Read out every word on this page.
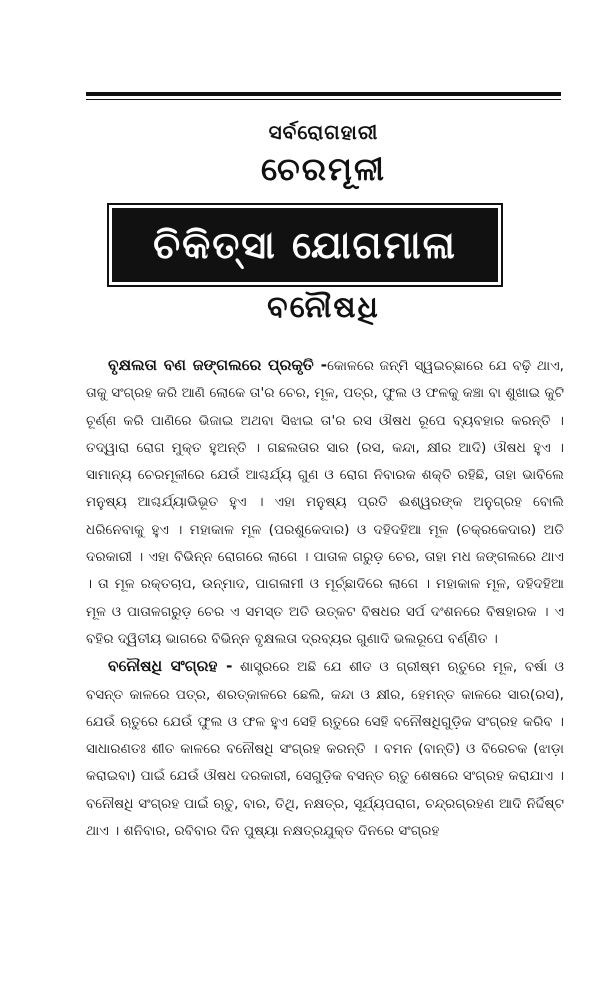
ସର୍ବରୋଗହାରୀ
ଚେରମୂଳୀ
ଚିକିତ୍ସା ଯୋଗମାଳା
ବନୌଷଧି

ବୃକ୍ଷଲତା ବଣ ଜଙ୍ଗଲରେ ପ୍ରକୃତି -କୋଳରେ ଜନ୍ମି ସ୍ୱଇଚ୍ଛାରେ ଯେ ବଢ଼ି ଥାଏ, ତାକୁ ସଂଗ୍ରହ କରି ଆଣି ଲୋକେ ତା'ର ଚେର, ମୂଳ, ପତ୍ର, ଫୁଲ ଓ ଫଳକୁ କଞ୍ଚା ବା ଶୁଖାଇ କୁଟି ଚୂର୍ଣ୍ଣ କରି ପାଣିରେ ଭିଜାଇ ଅଥବା ସିଝାଇ ତା'ର ରସ ଔଷଧ ରୂପେ ବ୍ୟବହାର କରନ୍ତି । ତଦ୍ୱାରା ରୋଗ ମୁକ୍ତ ହୁଅନ୍ତି । ଗଛଲତାର ସାର (ରସ, କନ୍ଦା, କ୍ଷୀର ଆଦି) ଔଷଧ ହୁଏ । ସାମାନ୍ୟ ଚେରମୂଳୀରେ ଯେଉଁ ଆଶ୍ଚର୍ଯ୍ୟ ଗୁଣ ଓ ରୋଗ ନିବାରକ ଶକ୍ତି ରହିଛି, ତାହା ଭାବିଲେ ମନୁଷ୍ୟ ଆଶ୍ଚର୍ଯ୍ୟାଭିଭୂତ ହୁଏ । ଏହା ମନୁଷ୍ୟ ପ୍ରତି ଈଶ୍ୱରଙ୍କ ଅନୁଗ୍ରହ ବୋଲି ଧରିନେବାକୁ ହୁଏ । ମହାକାଳ ମୂଳ (ପରଶୁକେଦାର) ଓ ଦହିଦହିଆ ମୂଳ (ଚକ୍ରକେଦାର) ଅତି ଦରକାରୀ । ଏହା ବିଭିନ୍ନ ରୋଗରେ ଲାଗେ । ପାତାଳ ଗରୁଡ଼ ଚେର, ତାହା ମଧ ଜଙ୍ଗଲରେ ଥାଏ । ତା ମୂଳ ରକ୍ତଚାପ, ଉନ୍ମାଦ, ପାଗଳାମୀ ଓ ମୂର୍ଚ୍ଛାଦିରେ ଲାଗେ । ମହାକାଳ ମୂଳ, ଦହିଦହିଆ ମୂଳ ଓ ପାତାଳଗରୁଡ଼ ଚେର ଏ ସମସ୍ତ ଅତି ଉତ୍କଟ ବିଷଧର ସର୍ପ ଦଂଶନରେ ବିଷହାରକ । ଏ ବହିର ଦ୍ୱିତୀୟ ଭାଗରେ ବିଭିନ୍ନ ବୃକ୍ଷଲତା ଦ୍ରବ୍ୟର ଗୁଣାଦି ଭଲରୂପେ ବର୍ଣ୍ଣିତ ।

ବନୌଷଧି ସଂଗ୍ରହ - ଶାସ୍ତ୍ରରେ ଅଛି ଯେ ଶୀତ ଓ ଗ୍ରୀଷ୍ମ ଋତୁରେ ମୂଳ, ବର୍ଷା ଓ ବସନ୍ତ କାଳରେ ପତ୍ର, ଶରତ୍‌କାଳରେ ଛେଲି, କନ୍ଦା ଓ କ୍ଷୀର, ହେମନ୍ତ କାଳରେ ସାର(ରସ), ଯେଉଁ ଋତୁରେ ଯେଉଁ ଫୁଲ ଓ ଫଳ ହୁଏ ସେହି ଋତୁରେ ସେହି ବନୌଷଧିଗୁଡ଼ିକ ସଂଗ୍ରହ କରିବ । ସାଧାରଣତଃ ଶୀତ କାଳରେ ବନୌଷଧି ସଂଗ୍ରହ କରନ୍ତି । ବମନ (ବାନ୍ତି) ଓ ବିରେଚକ (ଝାଡ଼ା କରାଇବା) ପାଇଁ ଯେଉଁ ଔଷଧ ଦରକାରୀ, ସେଗୁଡ଼ିକ ବସନ୍ତ ଋତୁ ଶେଷରେ ସଂଗ୍ରହ କରାଯାଏ । ବନୌଷଧି ସଂଗ୍ରହ ପାଇଁ ଋତୁ, ବାର, ତିଥି, ନକ୍ଷତ୍ର, ସୂର୍ଯ୍ୟପରାଗ, ଚନ୍ଦ୍ରଗ୍ରହଣ ଆଦି ନିର୍ଦ୍ଦିଷ୍ଟ ଥାଏ । ଶନିବାର, ରବିବାର ଦିନ ପୁଷ୍ୟା ନକ୍ଷତ୍ରଯୁକ୍ତ ଦିନରେ ସଂଗ୍ରହ
